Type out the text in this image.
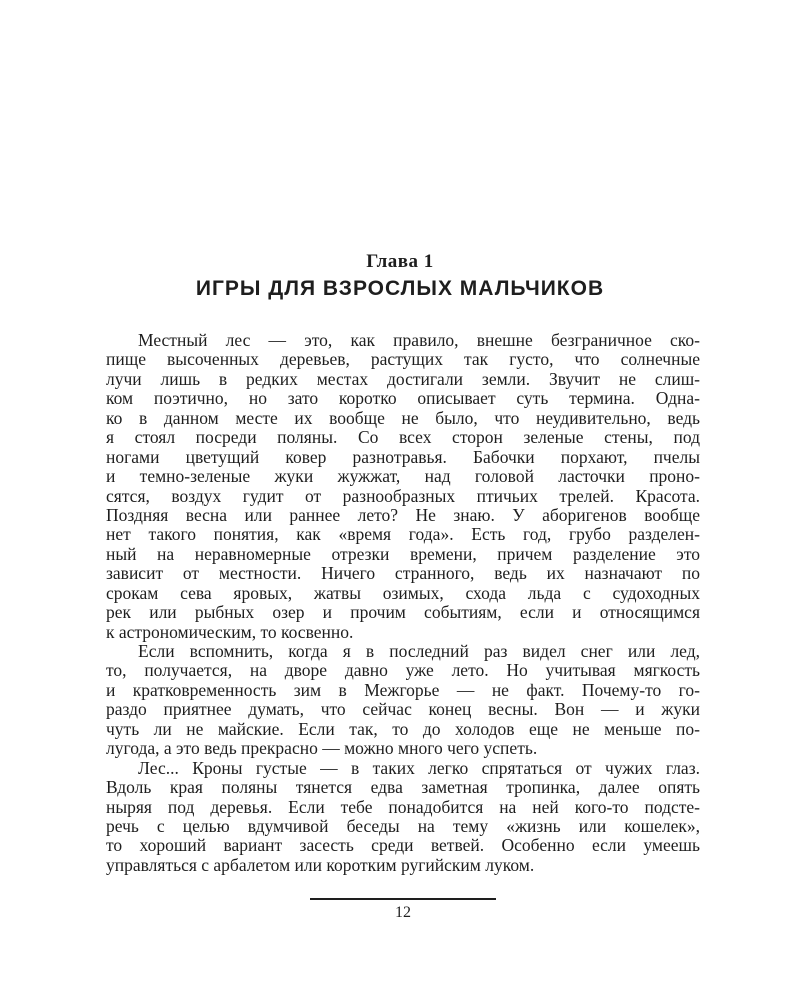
Глава 1
ИГРЫ ДЛЯ ВЗРОСЛЫХ МАЛЬЧИКОВ
Местный лес — это, как правило, внешне безграничное ско-
пище высоченных деревьев, растущих так густо, что солнечные
лучи лишь в редких местах достигали земли. Звучит не слиш-
ком поэтично, но зато коротко описывает суть термина. Одна-
ко в данном месте их вообще не было, что неудивительно, ведь
я стоял посреди поляны. Со всех сторон зеленые стены, под
ногами цветущий ковер разнотравья. Бабочки порхают, пчелы
и темно-зеленые жуки жужжат, над головой ласточки проно-
сятся, воздух гудит от разнообразных птичьих трелей. Красота.
Поздняя весна или раннее лето? Не знаю. У аборигенов вообще
нет такого понятия, как «время года». Есть год, грубо разделен-
ный на неравномерные отрезки времени, причем разделение это
зависит от местности. Ничего странного, ведь их назначают по
срокам сева яровых, жатвы озимых, схода льда с судоходных
рек или рыбных озер и прочим событиям, если и относящимся
к астрономическим, то косвенно.
Если вспомнить, когда я в последний раз видел снег или лед,
то, получается, на дворе давно уже лето. Но учитывая мягкость
и кратковременность зим в Межгорье — не факт. Почему-то го-
раздо приятнее думать, что сейчас конец весны. Вон — и жуки
чуть ли не майские. Если так, то до холодов еще не меньше по-
лугода, а это ведь прекрасно — можно много чего успеть.
Лес... Кроны густые — в таких легко спрятаться от чужих глаз.
Вдоль края поляны тянется едва заметная тропинка, далее опять
ныряя под деревья. Если тебе понадобится на ней кого-то подсте-
речь с целью вдумчивой беседы на тему «жизнь или кошелек»,
то хороший вариант засесть среди ветвей. Особенно если умеешь
управляться с арбалетом или коротким ругийским луком.
12
